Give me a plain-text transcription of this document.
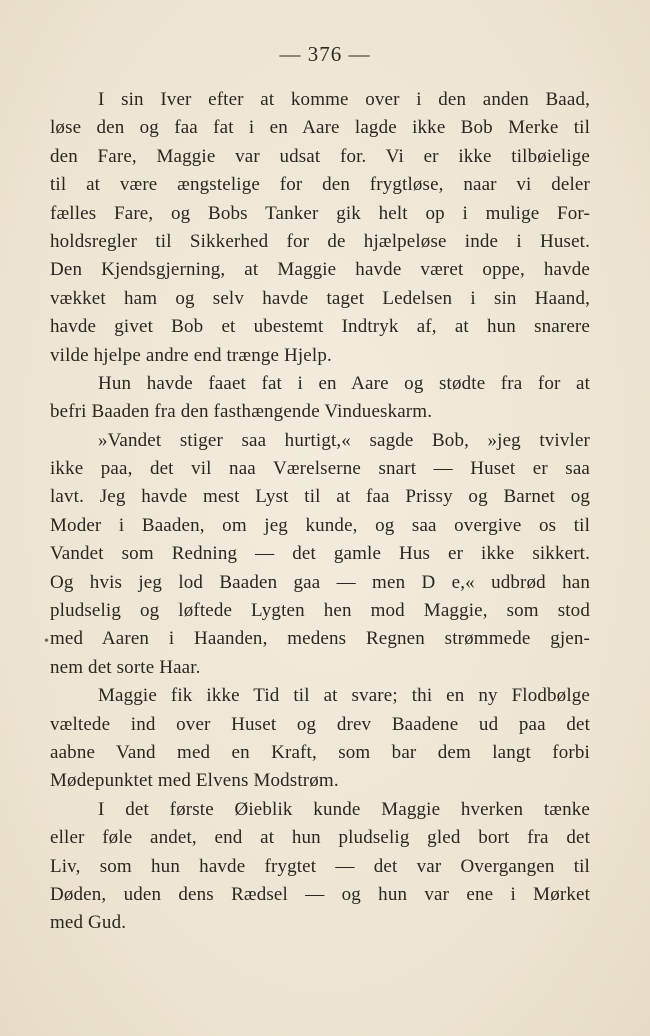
— 376 —
I sin Iver efter at komme over i den anden Baad,
løse den og faa fat i en Aare lagde ikke Bob Merke til
den Fare, Maggie var udsat for. Vi er ikke tilbøielige
til at være ængstelige for den frygtløse, naar vi deler
fælles Fare, og Bobs Tanker gik helt op i mulige For-
holdsregler til Sikkerhed for de hjælpeløse inde i Huset.
Den Kjendsgjerning, at Maggie havde været oppe, havde
vækket ham og selv havde taget Ledelsen i sin Haand,
havde givet Bob et ubestemt Indtryk af, at hun snarere
vilde hjelpe andre end trænge Hjelp.
Hun havde faaet fat i en Aare og stødte fra for at
befri Baaden fra den fasthængende Vindueskarm.
»Vandet stiger saa hurtigt,« sagde Bob, »jeg tvivler
ikke paa, det vil naa Værelserne snart — Huset er saa
lavt. Jeg havde mest Lyst til at faa Prissy og Barnet og
Moder i Baaden, om jeg kunde, og saa overgive os til
Vandet som Redning — det gamle Hus er ikke sikkert.
Og hvis jeg lod Baaden gaa — men D e,« udbrød han
pludselig og løftede Lygten hen mod Maggie, som stod
med Aaren i Haanden, medens Regnen strømmede gjen-
nem det sorte Haar.
Maggie fik ikke Tid til at svare; thi en ny Flodbølge
væltede ind over Huset og drev Baadene ud paa det
aabne Vand med en Kraft, som bar dem langt forbi
Mødepunktet med Elvens Modstrøm.
I det første Øieblik kunde Maggie hverken tænke
eller føle andet, end at hun pludselig gled bort fra det
Liv, som hun havde frygtet — det var Overgangen til
Døden, uden dens Rædsel — og hun var ene i Mørket
med Gud.
•
